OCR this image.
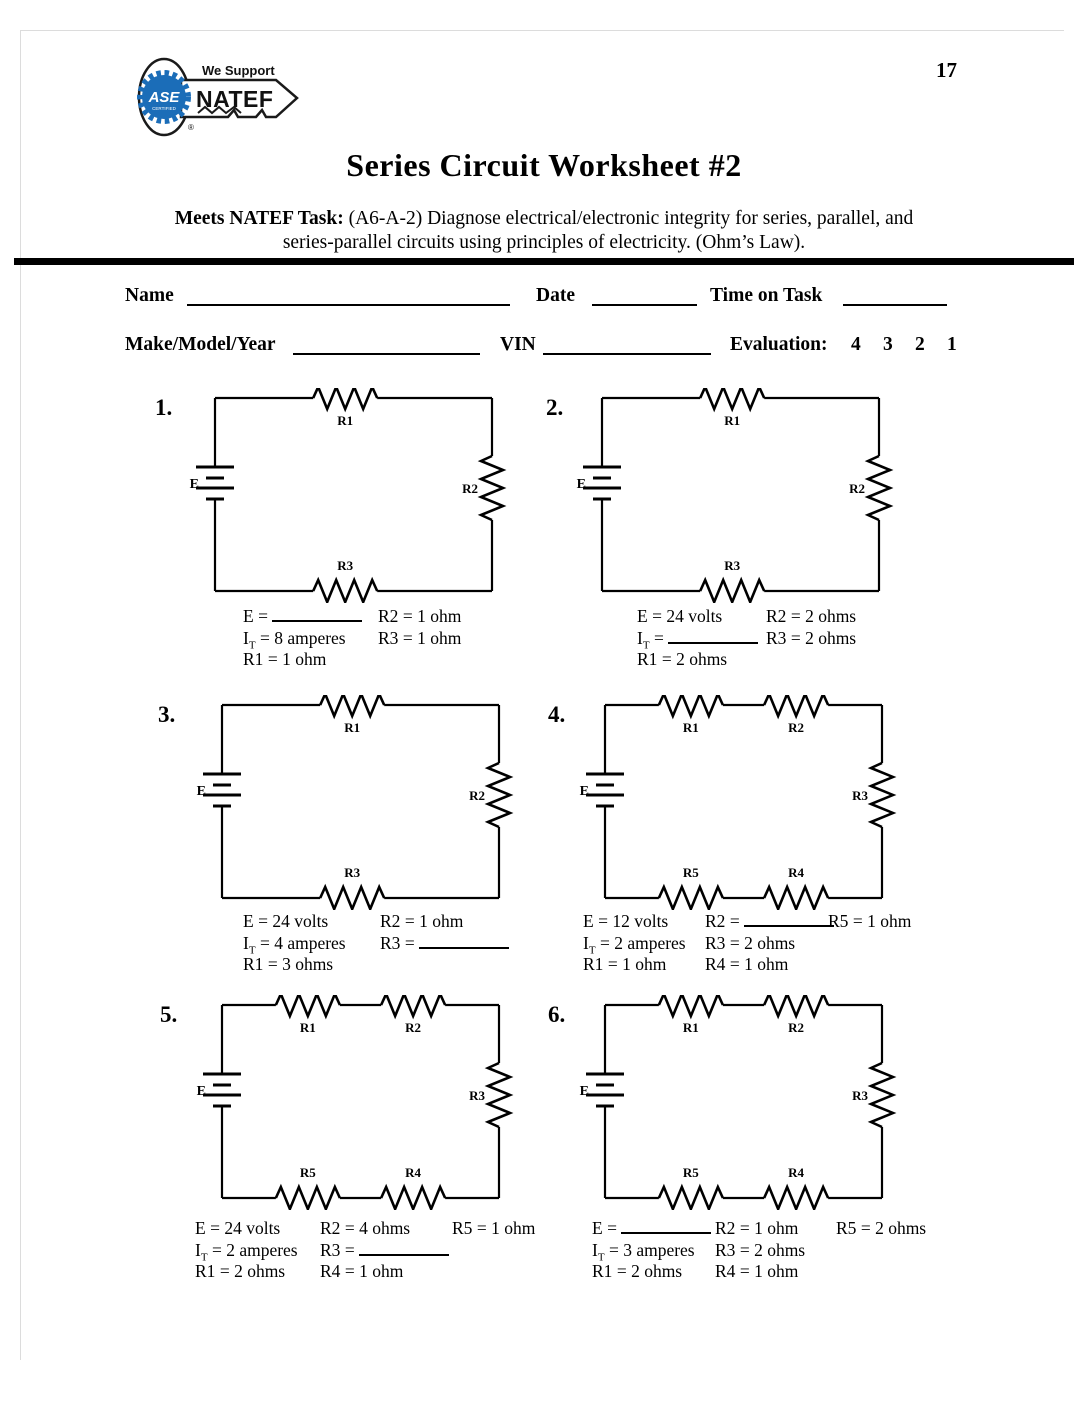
17
ASE
CERTIFIED
We Support
NATEF
®
Series Circuit Worksheet #2
Meets NATEF Task: (A6-A-2) Diagnose electrical/electronic integrity for series, parallel, and
series-parallel circuits using principles of electricity. (Ohm’s Law).
Name	Date	Time on Task
Make/Model/Year	VIN	Evaluation: 4 3 2 1
1.
R1
R3
R2
E
E =
$I_T = 8$ amperes
R1 = 1 ohm
R2 = 1 ohm
R3 = 1 ohm
2.
R1
R3
R2
E
E = 24 volts
$I_T$ =
R1 = 2 ohms
R2 = 2 ohms
R3 = 2 ohms
3.
R1
R3
R2
E
E = 24 volts
$I_T = 4$ amperes
R1 = 3 ohms
R2 = 1 ohm
R3 =
4.
R1	R2
R5	R4
R3
E
E = 12 volts
$I_T = 2$ amperes
R1 = 1 ohm
R2 =
R3 = 2 ohms
R4 = 1 ohm
R5 = 1 ohm
5.
R1	R2
R5	R4
R3
E
E = 24 volts
$I_T = 2$ amperes
R1 = 2 ohms
R2 = 4 ohms
R3 =
R4 = 1 ohm
R5 = 1 ohm
6.
R1	R2
R5	R4
R3
E
E =
$I_T = 3$ amperes
R1 = 2 ohms
R2 = 1 ohm
R3 = 2 ohms
R4 = 1 ohm
R5 = 2 ohms
